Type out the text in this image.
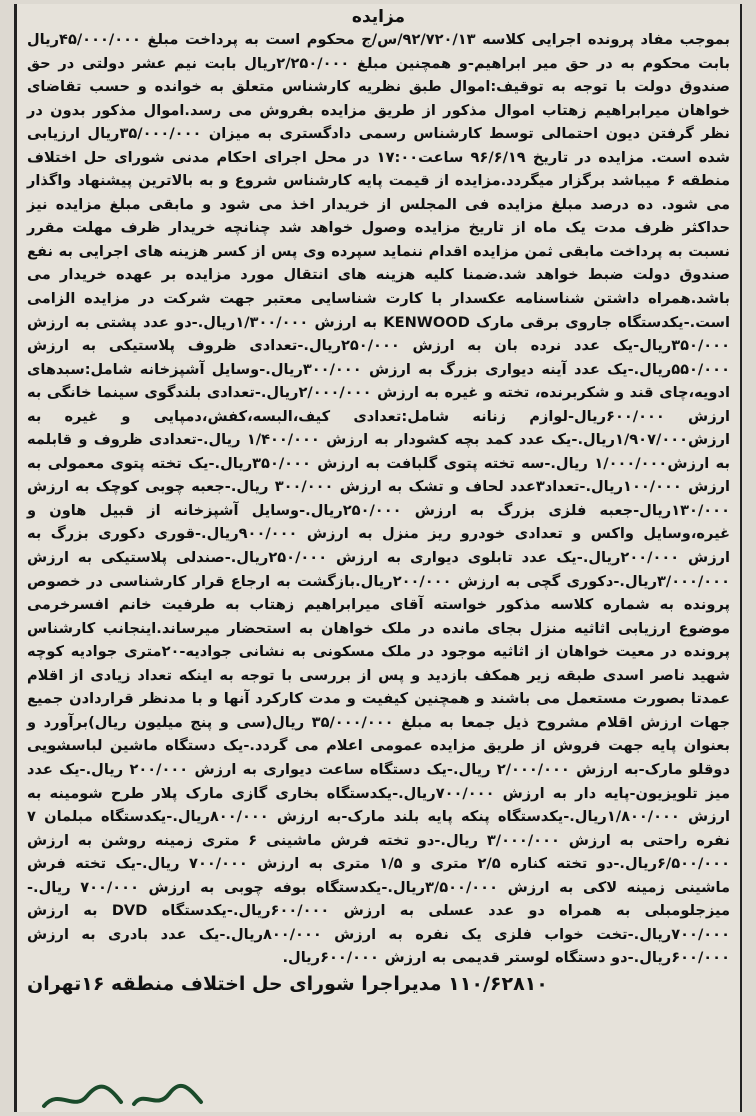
مزایده

بموجب مفاد پرونده اجرایی کلاسه ۹۲/۷۲۰/۱۳/س/ج محکوم است به پرداخت مبلغ ۴۵/۰۰۰/۰۰۰ریال بابت محکوم به در حق میر ابراهیم-و همچنین مبلغ ۲/۲۵۰/۰۰۰ریال بابت نیم عشر دولتی در حق صندوق دولت با توجه به توقیف:اموال طبق نظریه کارشناس متعلق به خوانده و حسب تقاضای خواهان میرابراهیم زهتاب اموال مذکور از طریق مزایده بفروش می رسد.اموال مذکور بدون در نظر گرفتن دیون احتمالی توسط کارشناس رسمی دادگستری به میزان ۳۵/۰۰۰/۰۰۰ریال ارزیابی شده است. مزایده در تاریخ ۹۶/۶/۱۹ ساعت۱۷:۰۰ در محل اجرای احکام مدنی شورای حل اختلاف منطقه ۶ میباشد برگزار میگردد.مزایده از قیمت پایه کارشناس شروع و به بالاترین پیشنهاد واگذار می شود. ده درصد مبلغ مزایده فی المجلس از خریدار اخذ می شود و مابقی مبلغ مزایده نیز حداکثر ظرف مدت یک ماه از تاریخ مزایده وصول خواهد شد چنانچه خریدار ظرف مهلت مقرر نسبت به پرداخت مابقی ثمن مزایده اقدام ننماید سپرده وی پس از کسر هزینه های اجرایی به نفع صندوق دولت ضبط خواهد شد.ضمنا کلیه هزینه های انتقال مورد مزایده بر عهده خریدار می باشد.همراه داشتن شناسنامه عکسدار با کارت شناسایی معتبر جهت شرکت در مزایده الزامی است.-یکدستگاه جاروی برقی مارک KENWOOD به ارزش ۱/۳۰۰/۰۰۰ریال.-دو عدد پشتی به ارزش ۳۵۰/۰۰۰ریال-یک عدد نرده بان به ارزش ۲۵۰/۰۰۰ریال.-تعدادی ظروف پلاستیکی به ارزش ۵۵۰/۰۰۰ریال.-یک عدد آینه دیواری بزرگ به ارزش ۳۰۰/۰۰۰ریال.-وسایل آشپزخانه شامل:سبدهای ادویه،چای قند و شکربرنده، تخته و غیره به ارزش ۲/۰۰۰/۰۰۰ریال.-تعدادی بلندگوی سینما خانگی به ارزش ۶۰۰/۰۰۰ریال-لوازم زنانه شامل:تعدادی کیف،البسه،کفش،دمپایی و غیره به ارزش۱/۹۰۷/۰۰۰ریال.-یک عدد کمد بچه کشودار به ارزش ۱/۴۰۰/۰۰۰ ریال.-تعدادی ظروف و قابلمه به ارزش۱/۰۰۰/۰۰۰ ریال.-سه تخته پتوی گلبافت به ارزش ۳۵۰/۰۰۰ریال.-یک تخته پتوی معمولی به ارزش ۱۰۰/۰۰۰ریال.-تعداد۳عدد لحاف و تشک به ارزش ۳۰۰/۰۰۰ ریال.-جعبه چوبی کوچک به ارزش ۱۳۰/۰۰۰ریال-جعبه فلزی بزرگ به ارزش ۲۵۰/۰۰۰ریال.-وسایل آشپزخانه از قبیل هاون و غیره،وسایل واکس و تعدادی خودرو ریز منزل به ارزش ۹۰۰/۰۰۰ریال.-قوری دکوری بزرگ به ارزش ۲۰۰/۰۰۰ریال.-یک عدد تابلوی دیواری به ارزش ۲۵۰/۰۰۰ریال.-صندلی پلاستیکی به ارزش ۳/۰۰۰/۰۰۰ریال.-دکوری گچی به ارزش ۲۰۰/۰۰۰ریال.بازگشت به ارجاع قرار کارشناسی در خصوص پرونده به شماره کلاسه مذکور خواسته آقای میرابراهیم زهتاب به طرفیت خانم افسرخرمی موضوع ارزیابی اثاثیه منزل بجای مانده در ملک خواهان به استحضار میرساند.اینجانب کارشناس پرونده در معیت خواهان از اثاثیه موجود در ملک مسکونی به نشانی جوادیه-۲۰متری جوادیه کوچه شهید ناصر اسدی طبقه زیر همکف بازدید و پس از بررسی با توجه به اینکه تعداد زیادی از اقلام عمدتا بصورت مستعمل می باشند و همچنین کیفیت و مدت کارکرد آنها و با مدنظر قراردادن جمیع جهات ارزش اقلام مشروح ذیل جمعا به مبلغ ۳۵/۰۰۰/۰۰۰ ریال(سی و پنج میلیون ریال)برآورد و بعنوان پایه جهت فروش از طریق مزایده عمومی اعلام می گردد.-یک دستگاه ماشین لباسشویی دوقلو مارک-به ارزش ۲/۰۰۰/۰۰۰ ریال.-یک دستگاه ساعت دیواری به ارزش ۲۰۰/۰۰۰ ریال.-یک عدد میز تلویزیون-پایه دار به ارزش ۷۰۰/۰۰۰ریال.-یکدستگاه بخاری گازی مارک پلار طرح شومینه به ارزش ۱/۸۰۰/۰۰۰ریال.-یکدستگاه پنکه پایه بلند مارک-به ارزش ۸۰۰/۰۰۰ریال.-یکدستگاه مبلمان ۷ نفره راحتی به ارزش ۳/۰۰۰/۰۰۰ ریال.-دو تخته فرش ماشینی ۶ متری زمینه روشن به ارزش ۶/۵۰۰/۰۰۰ریال.-دو تخته کناره ۲/۵ متری و ۱/۵ متری به ارزش ۷۰۰/۰۰۰ ریال.-یک تخته فرش ماشینی زمینه لاکی به ارزش ۳/۵۰۰/۰۰۰ریال.-یکدستگاه بوفه چوبی به ارزش ۷۰۰/۰۰۰ ریال.-میزجلومبلی به همراه دو عدد عسلی به ارزش ۶۰۰/۰۰۰ریال.-یکدستگاه DVD به ارزش ۷۰۰/۰۰۰ریال.-تخت خواب فلزی یک نفره به ارزش ۸۰۰/۰۰۰ریال.-یک عدد بادری به ارزش ۶۰۰/۰۰۰ریال.-دو دستگاه لوستر قدیمی به ارزش ۶۰۰/۰۰۰ریال.

۱۱۰/۶۲۸۱۰ مدیراجرا شورای حل اختلاف منطقه ۱۶تهران
